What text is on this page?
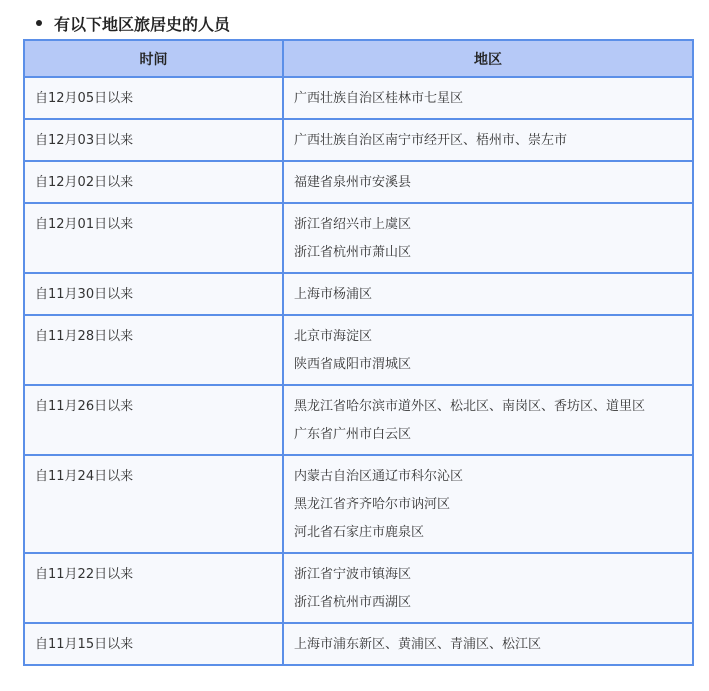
有以下地区旅居史的人员
时间	地区
自12月05日以来	广西壮族自治区桂林市七星区

自12月03日以来	广西壮族自治区南宁市经开区、梧州市、崇左市

自12月02日以来	福建省泉州市安溪县

自12月01日以来	浙江省绍兴市上虞区
浙江省杭州市萧山区

自11月30日以来	上海市杨浦区

自11月28日以来	北京市海淀区
陕西省咸阳市渭城区

自11月26日以来	黑龙江省哈尔滨市道外区、松北区、南岗区、香坊区、道里区
广东省广州市白云区

自11月24日以来	内蒙古自治区通辽市科尔沁区
黑龙江省齐齐哈尔市讷河区
河北省石家庄市鹿泉区

自11月22日以来	浙江省宁波市镇海区
浙江省杭州市西湖区

自11月15日以来	上海市浦东新区、黄浦区、青浦区、松江区
